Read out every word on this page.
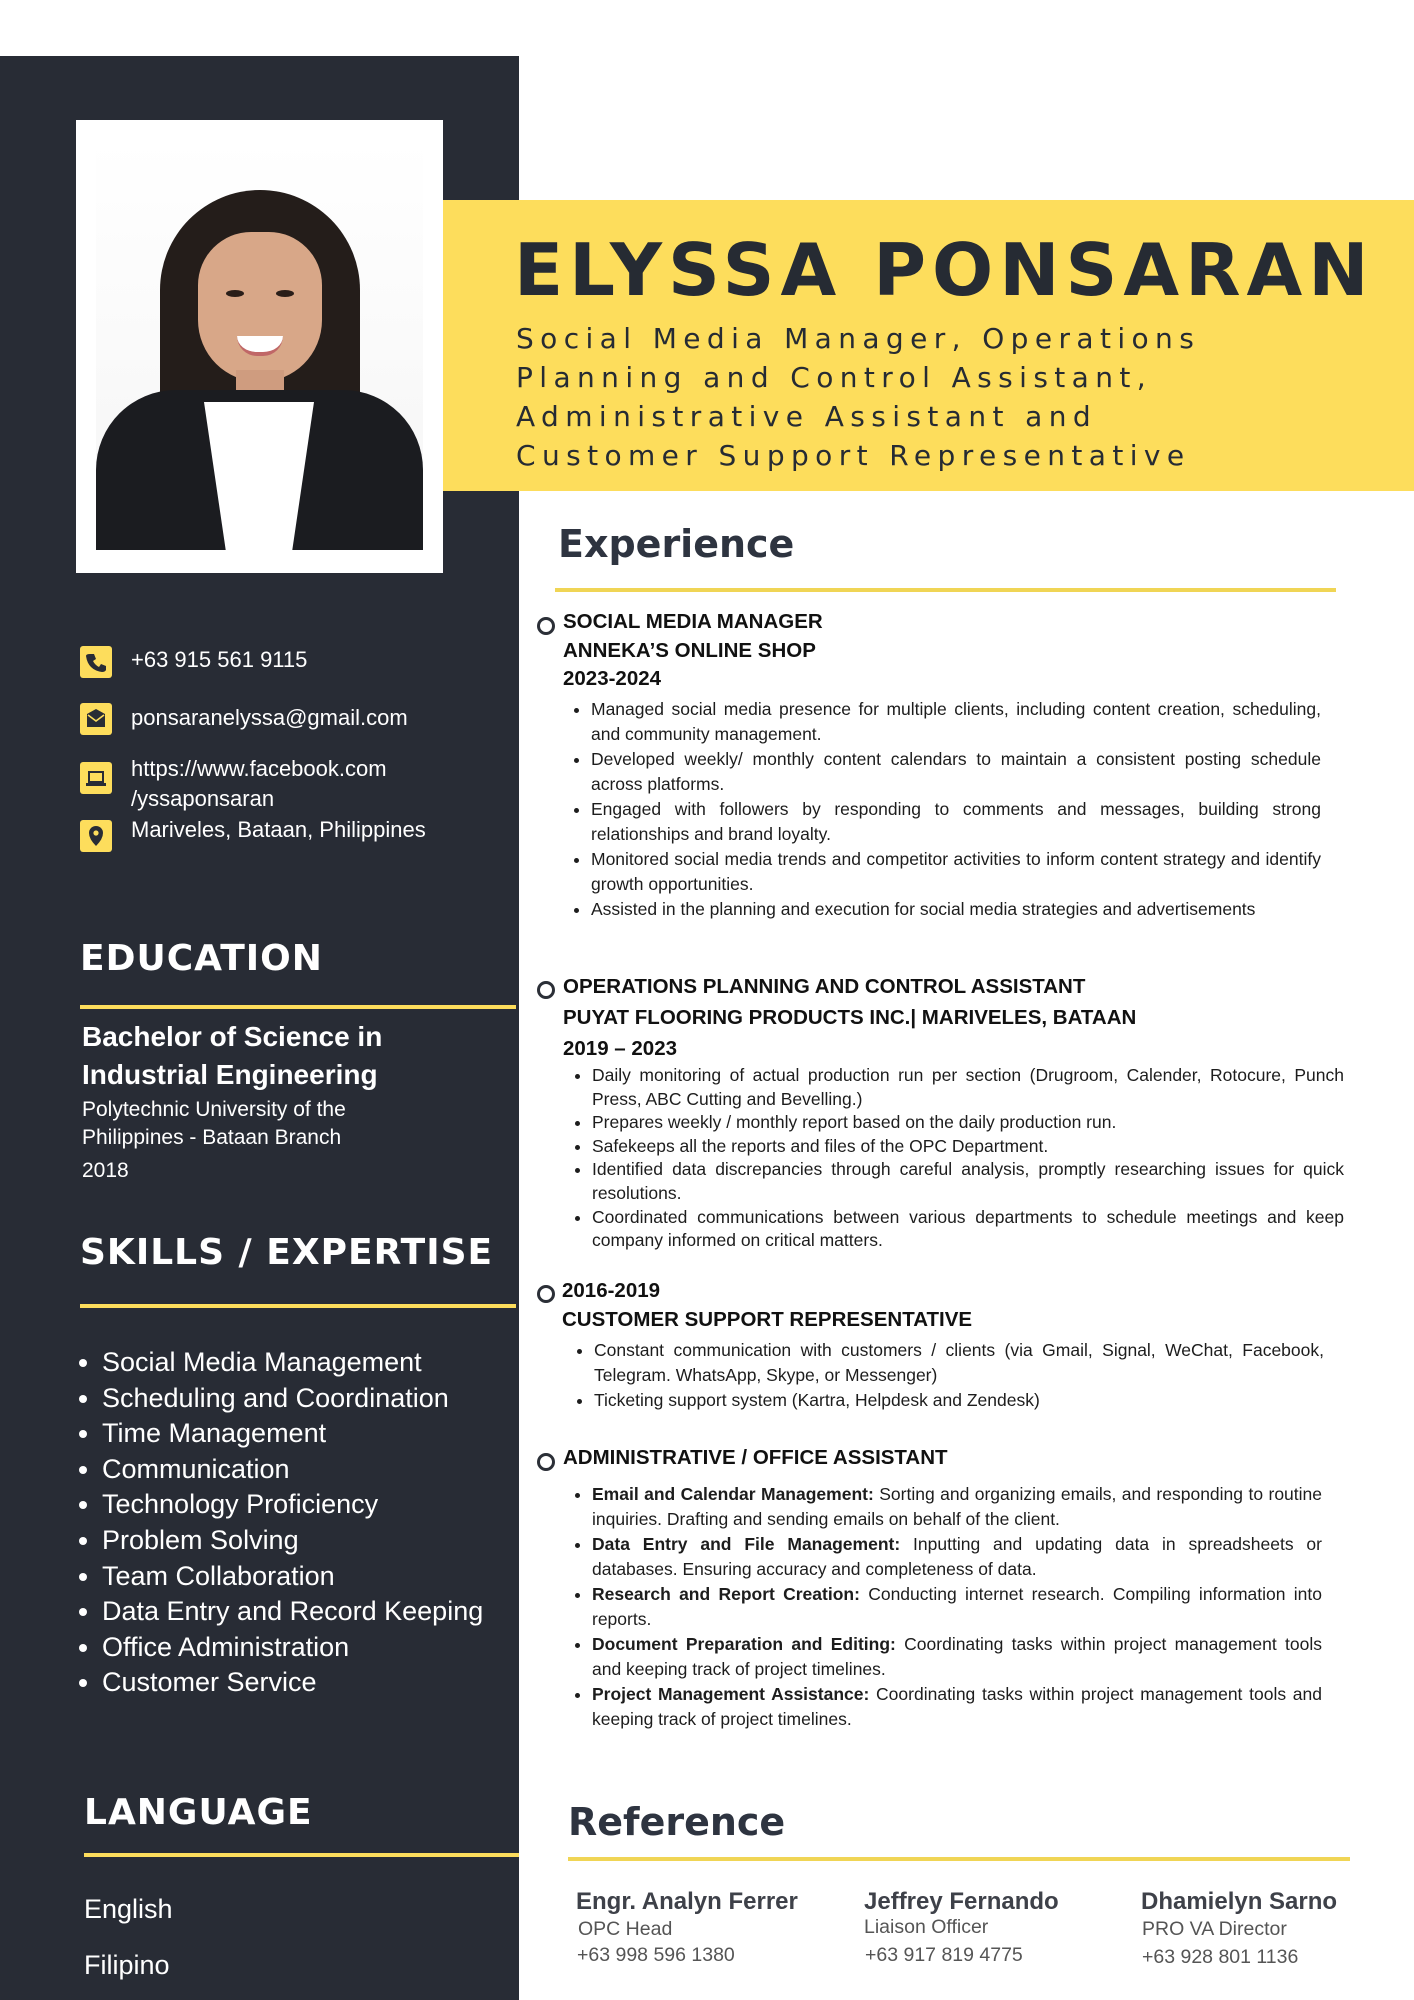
ELYSSA PONSARAN
Social Media Manager, Operations
Planning and Control Assistant,
Administrative Assistant and
Customer Support Representative
+63 915 561 9115
ponsaranelyssa@gmail.com
https://www.facebook.com
/yssaponsaran
Mariveles, Bataan, Philippines
EDUCATION
Bachelor of Science in Industrial Engineering
Polytechnic University of the
Philippines - Bataan Branch
2018
SKILLS / EXPERTISE
• Social Media Management
• Scheduling and Coordination
• Time Management
• Communication
• Technology Proficiency
• Problem Solving
• Team Collaboration
• Data Entry and Record Keeping
• Office Administration
• Customer Service
LANGUAGE
English
Filipino
Experience
SOCIAL MEDIA MANAGER
ANNEKA’S ONLINE SHOP
2023-2024
• Managed social media presence for multiple clients, including content creation, scheduling, and community management.
• Developed weekly/ monthly content calendars to maintain a consistent posting schedule across platforms.
• Engaged with followers by responding to comments and messages, building strong relationships and brand loyalty.
• Monitored social media trends and competitor activities to inform content strategy and identify growth opportunities.
• Assisted in the planning and execution for social media strategies and advertisements
OPERATIONS PLANNING AND CONTROL ASSISTANT
PUYAT FLOORING PRODUCTS INC.| MARIVELES, BATAAN
2019 – 2023
• Daily monitoring of actual production run per section (Drugroom, Calender, Rotocure, Punch Press, ABC Cutting and Bevelling.)
• Prepares weekly / monthly report based on the daily production run.
• Safekeeps all the reports and files of the OPC Department.
• Identified data discrepancies through careful analysis, promptly researching issues for quick resolutions.
• Coordinated communications between various departments to schedule meetings and keep company informed on critical matters.
2016-2019
CUSTOMER SUPPORT REPRESENTATIVE
• Constant communication with customers / clients (via Gmail, Signal, WeChat, Facebook, Telegram. WhatsApp, Skype, or Messenger)
• Ticketing support system (Kartra, Helpdesk and Zendesk)
ADMINISTRATIVE / OFFICE ASSISTANT
• Email and Calendar Management: Sorting and organizing emails, and responding to routine inquiries. Drafting and sending emails on behalf of the client.
• Data Entry and File Management: Inputting and updating data in spreadsheets or databases. Ensuring accuracy and completeness of data.
• Research and Report Creation: Conducting internet research. Compiling information into reports.
• Document Preparation and Editing: Coordinating tasks within project management tools and keeping track of project timelines.
• Project Management Assistance: Coordinating tasks within project management tools and keeping track of project timelines.
Reference
Engr. Analyn Ferrer
OPC Head
+63 998 596 1380
Jeffrey Fernando
Liaison Officer
+63 917 819 4775
Dhamielyn Sarno
PRO VA Director
+63 928 801 1136
